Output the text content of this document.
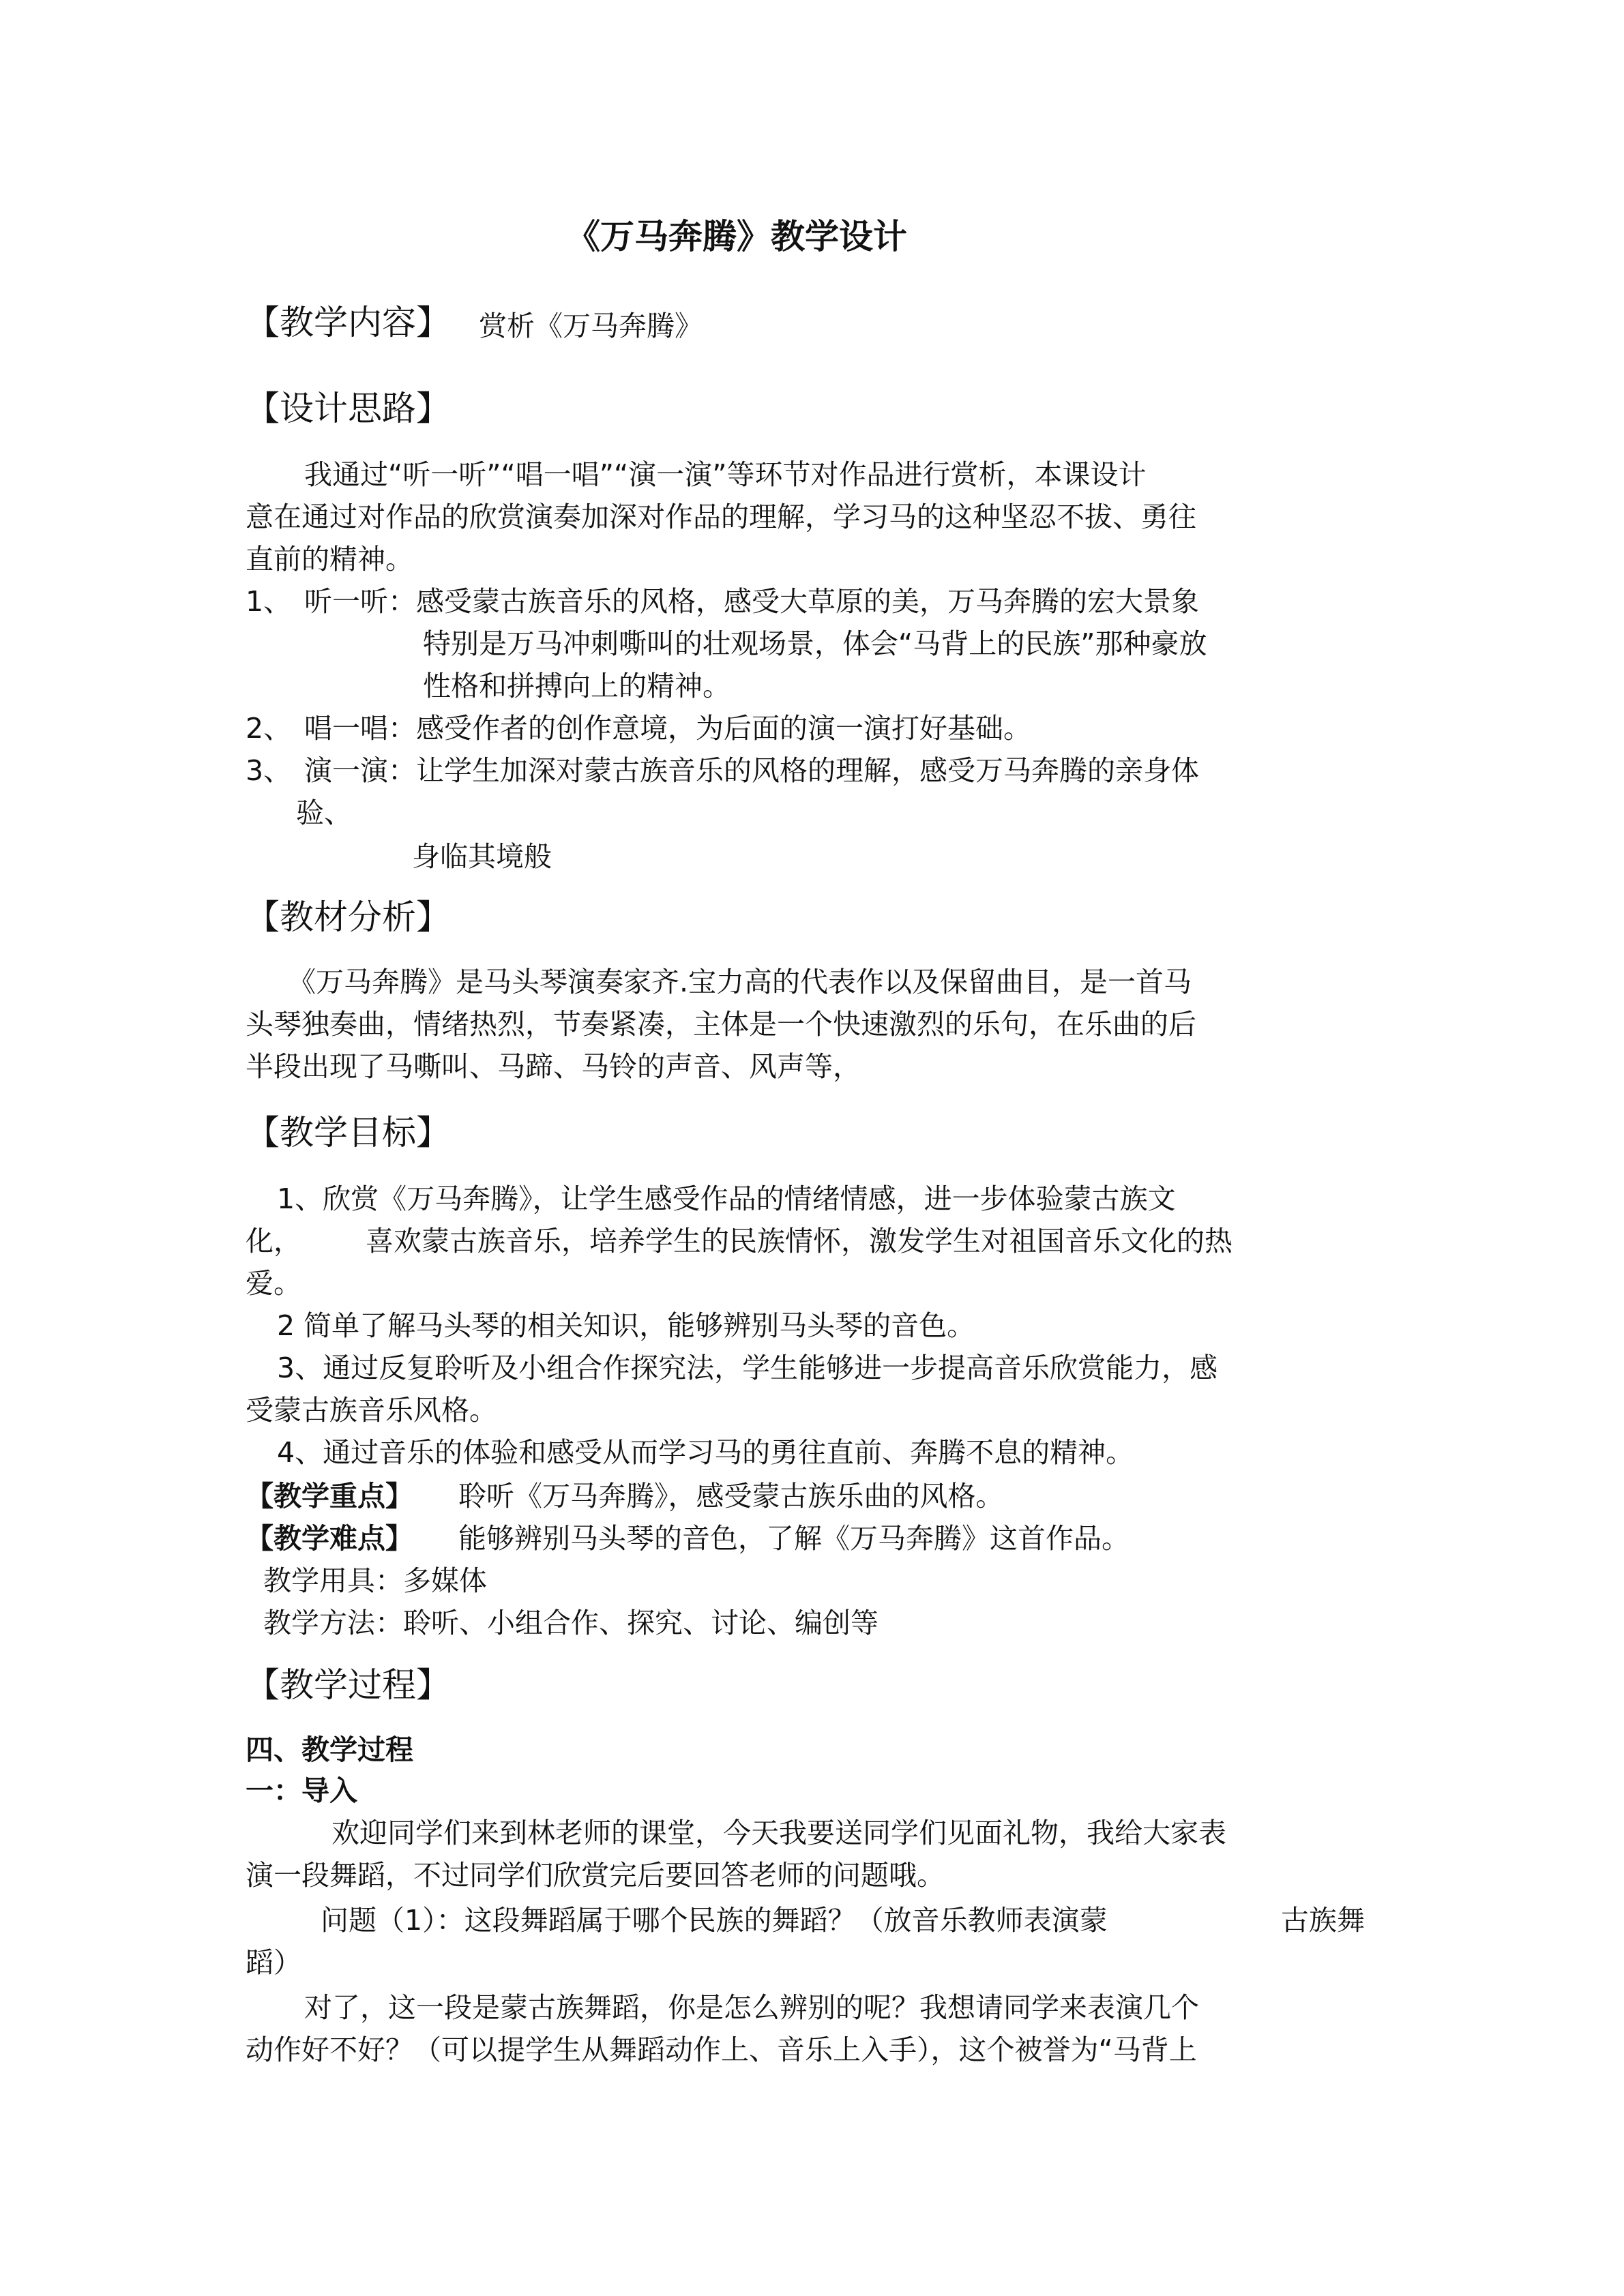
《万马奔腾》教学设计
【教学内容】 赏析《万马奔腾》
【设计思路】
我通过“听一听”“唱一唱”“演一演”等环节对作品进行赏析，本课设计
意在通过对作品的欣赏演奏加深对作品的理解，学习马的这种坚忍不拔、勇往
直前的精神。
1、 听一听：感受蒙古族音乐的风格，感受大草原的美，万马奔腾的宏大景象
特别是万马冲刺嘶叫的壮观场景，体会“马背上的民族”那种豪放
性格和拼搏向上的精神。
2、 唱一唱：感受作者的创作意境，为后面的演一演打好基础。
3、 演一演：让学生加深对蒙古族音乐的风格的理解，感受万马奔腾的亲身体
验、
身临其境般
【教材分析】
《万马奔腾》是马头琴演奏家齐.宝力高的代表作以及保留曲目，是一首马
头琴独奏曲，情绪热烈，节奏紧凑，主体是一个快速激烈的乐句，在乐曲的后
半段出现了马嘶叫、马蹄、马铃的声音、风声等，
【教学目标】
1、欣赏《万马奔腾》，让学生感受作品的情绪情感，进一步体验蒙古族文
化， 喜欢蒙古族音乐，培养学生的民族情怀，激发学生对祖国音乐文化的热
爱。
2 简单了解马头琴的相关知识，能够辨别马头琴的音色。
3、通过反复聆听及小组合作探究法，学生能够进一步提高音乐欣赏能力，感
受蒙古族音乐风格。
4、通过音乐的体验和感受从而学习马的勇往直前、奔腾不息的精神。
【教学重点】 聆听《万马奔腾》，感受蒙古族乐曲的风格。
【教学难点】 能够辨别马头琴的音色，了解《万马奔腾》这首作品。
教学用具：多媒体
教学方法：聆听、小组合作、探究、讨论、编创等
【教学过程】
四、教学过程
一：导入
欢迎同学们来到林老师的课堂，今天我要送同学们见面礼物，我给大家表
演一段舞蹈，不过同学们欣赏完后要回答老师的问题哦。
问题（1）：这段舞蹈属于哪个民族的舞蹈？（放音乐教师表演蒙	古族舞
蹈）
对了，这一段是蒙古族舞蹈，你是怎么辨别的呢？我想请同学来表演几个
动作好不好？（可以提学生从舞蹈动作上、音乐上入手），这个被誉为“马背上
